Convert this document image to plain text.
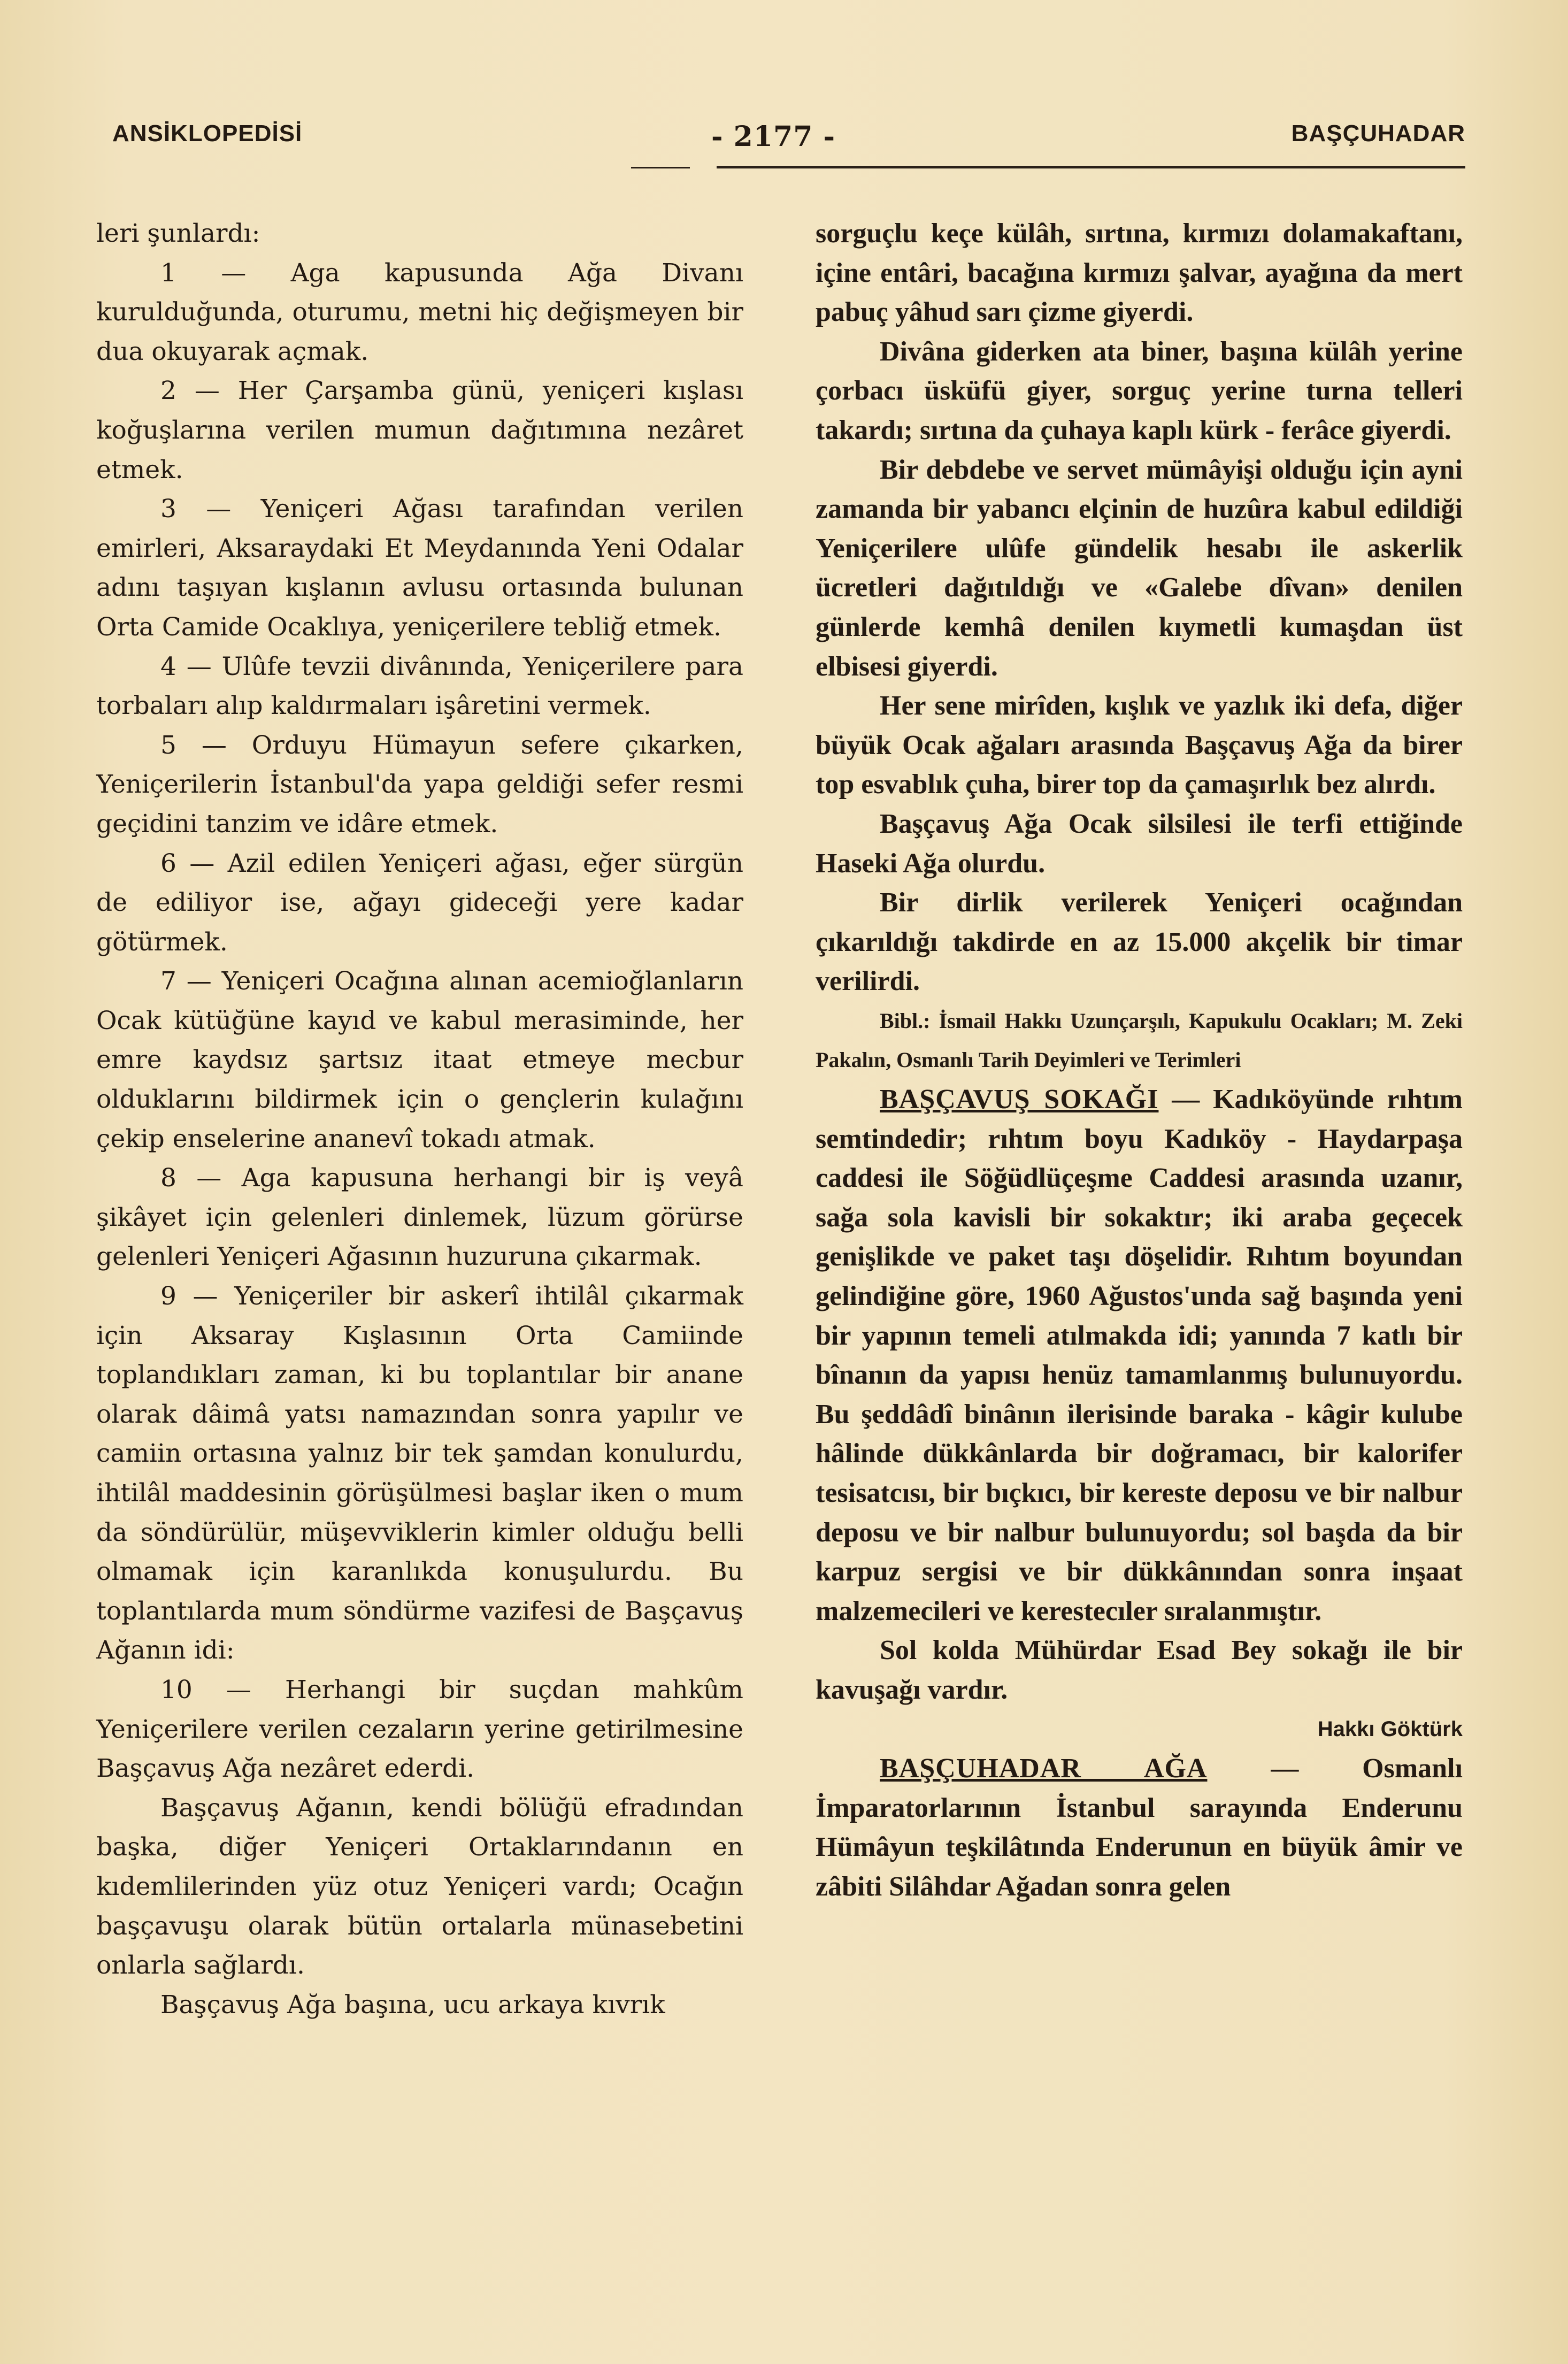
ANSİKLOPEDİSİ	- 2177 -	BAŞÇUHADAR

leri şunlardı:

1 — Aga kapusunda Ağa Divanı kurulduğunda, oturumu, metni hiç değişmeyen bir dua okuyarak açmak.

2 — Her Çarşamba günü, yeniçeri kışlası koğuşlarına verilen mumun dağıtımına nezâret etmek.

3 — Yeniçeri Ağası tarafından verilen emirleri, Aksaraydaki Et Meydanında Yeni Odalar adını taşıyan kışlanın avlusu ortasında bulunan Orta Camide Ocaklıya, yeniçerilere tebliğ etmek.

4 — Ulûfe tevzii divânında, Yeniçerilere para torbaları alıp kaldırmaları işâretini vermek.

5 — Orduyu Hümayun sefere çıkarken, Yeniçerilerin İstanbul'da yapa geldiği sefer resmi geçidini tanzim ve idâre etmek.

6 — Azil edilen Yeniçeri ağası, eğer sürgün de ediliyor ise, ağayı gideceği yere kadar götürmek.

7 — Yeniçeri Ocağına alınan acemioğlanların Ocak kütüğüne kayıd ve kabul merasiminde, her emre kaydsız şartsız itaat etmeye mecbur olduklarını bildirmek için o gençlerin kulağını çekip enselerine ananevî tokadı atmak.

8 — Aga kapusuna herhangi bir iş veyâ şikâyet için gelenleri dinlemek, lüzum görürse gelenleri Yeniçeri Ağasının huzuruna çıkarmak.

9 — Yeniçeriler bir askerî ihtilâl çıkarmak için Aksaray Kışlasının Orta Camiinde toplandıkları zaman, ki bu toplantılar bir anane olarak dâimâ yatsı namazından sonra yapılır ve camiin ortasına yalnız bir tek şamdan konulurdu, ihtilâl maddesinin görüşülmesi başlar iken o mum da söndürülür, müşevviklerin kimler olduğu belli olmamak için karanlıkda konuşulurdu. Bu toplantılarda mum söndürme vazifesi de Başçavuş Ağanın idi:

10 — Herhangi bir suçdan mahkûm Yeniçerilere verilen cezaların yerine getirilmesine Başçavuş Ağa nezâret ederdi.

Başçavuş Ağanın, kendi bölüğü efradından başka, diğer Yeniçeri Ortaklarındanın en kıdemlilerinden yüz otuz Yeniçeri vardı; Ocağın başçavuşu olarak bütün ortalarla münasebetini onlarla sağlardı.

Başçavuş Ağa başına, ucu arkaya kıvrık

sorguçlu keçe külâh, sırtına, kırmızı dolamakaftanı, içine entâri, bacağına kırmızı şalvar, ayağına da mert pabuç yâhud sarı çizme giyerdi.

Divâna giderken ata biner, başına külâh yerine çorbacı üsküfü giyer, sorguç yerine turna telleri takardı; sırtına da çuhaya kaplı kürk - ferâce giyerdi.

Bir debdebe ve servet mümâyişi olduğu için ayni zamanda bir yabancı elçinin de huzûra kabul edildiği Yeniçerilere ulûfe gündelik hesabı ile askerlik ücretleri dağıtıldığı ve «Galebe dîvan» denilen günlerde kemhâ denilen kıymetli kumaşdan üst elbisesi giyerdi.

Her sene mirîden, kışlık ve yazlık iki defa, diğer büyük Ocak ağaları arasında Başçavuş Ağa da birer top esvablık çuha, birer top da çamaşırlık bez alırdı.

Başçavuş Ağa Ocak silsilesi ile terfi ettiğinde Haseki Ağa olurdu.

Bir dirlik verilerek Yeniçeri ocağından çıkarıldığı takdirde en az 15.000 akçelik bir timar verilirdi.

Bibl.: İsmail Hakkı Uzunçarşılı, Kapukulu Ocakları; M. Zeki Pakalın, Osmanlı Tarih Deyimleri ve Terimleri

BAŞÇAVUŞ SOKAĞI — Kadıköyünde rıhtım semtindedir; rıhtım boyu Kadıköy - Haydarpaşa caddesi ile Söğüdlüçeşme Caddesi arasında uzanır, sağa sola kavisli bir sokaktır; iki araba geçecek genişlikde ve paket taşı döşelidir. Rıhtım boyundan gelindiğine göre, 1960 Ağustos'unda sağ başında yeni bir yapının temeli atılmakda idi; yanında 7 katlı bir bînanın da yapısı henüz tamamlanmış bulunuyordu. Bu şeddâdî binânın ilerisinde baraka - kâgir kulube hâlinde dükkânlarda bir doğramacı, bir kalorifer tesisatcısı, bir bıçkıcı, bir kereste deposu ve bir nalbur deposu ve bir nalbur bulunuyordu; sol başda da bir karpuz sergisi ve bir dükkânından sonra inşaat malzemecileri ve kerestecıler sıralanmıştır.

Sol kolda Mühürdar Esad Bey sokağı ile bir kavuşağı vardır.

Hakkı Göktürk

BAŞÇUHADAR AĞA — Osmanlı İmparatorlarının İstanbul sarayında Enderunu Hümâyun teşkilâtında Enderunun en büyük âmir ve zâbiti Silâhdar Ağadan sonra gelen
